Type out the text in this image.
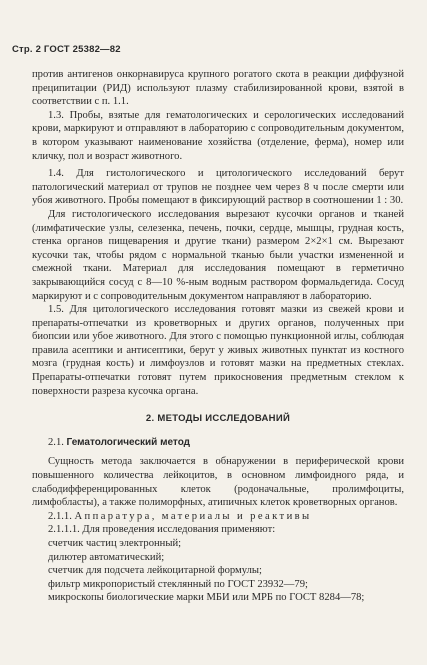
Стр. 2 ГОСТ 25382—82

против антигенов онкорнавируса крупного рогатого скота в реакции диффузной преципитации (РИД) используют плазму стабилизированной крови, взятой в соответствии с п. 1.1.

1.3. Пробы, взятые для гематологических и серологических исследований крови, маркируют и отправляют в лабораторию с сопроводительным документом, в котором указывают наименование хозяйства (отделение, ферма), номер или кличку, пол и возраст животного.

1.4. Для гистологического и цитологического исследований берут патологический материал от трупов не позднее чем через 8 ч после смерти или убоя животного. Пробы помещают в фиксирующий раствор в соотношении 1 : 30.

Для гистологического исследования вырезают кусочки органов и тканей (лимфатические узлы, селезенка, печень, почки, сердце, мышцы, грудная кость, стенка органов пищеварения и другие ткани) размером 2×2×1 см. Вырезают кусочки так, чтобы рядом с нормальной тканью были участки измененной и смежной ткани. Материал для исследования помещают в герметично закрывающийся сосуд с 8—10 %-ным водным раствором формальдегида. Сосуд маркируют и с сопроводительным документом направляют в лабораторию.

1.5. Для цитологического исследования готовят мазки из свежей крови и препараты-отпечатки из кроветворных и других органов, полученных при биопсии или убое животного. Для этого с помощью пункционной иглы, соблюдая правила асептики и антисептики, берут у живых животных пунктат из костного мозга (грудная кость) и лимфоузлов и готовят мазки на предметных стеклах. Препараты-отпечатки готовят путем прикосновения предметным стеклом к поверхности разреза кусочка органа.

2. МЕТОДЫ ИССЛЕДОВАНИЙ

2.1. Гематологический метод

Сущность метода заключается в обнаружении в периферической крови повышенного количества лейкоцитов, в основном лимфоидного ряда, и слабодифференцированных клеток (родоначальные, пролимфоциты, лимфобласты), а также полиморфных, атипичных клеток кроветворных органов.

2.1.1. Аппаратура, материалы и реактивы

2.1.1.1. Для проведения исследования применяют:

счетчик частиц электронный;

дилютер автоматический;

счетчик для подсчета лейкоцитарной формулы;

фильтр микропористый стеклянный по ГОСТ 23932—79;

микроскопы биологические марки МБИ или МРБ по ГОСТ 8284—78;
